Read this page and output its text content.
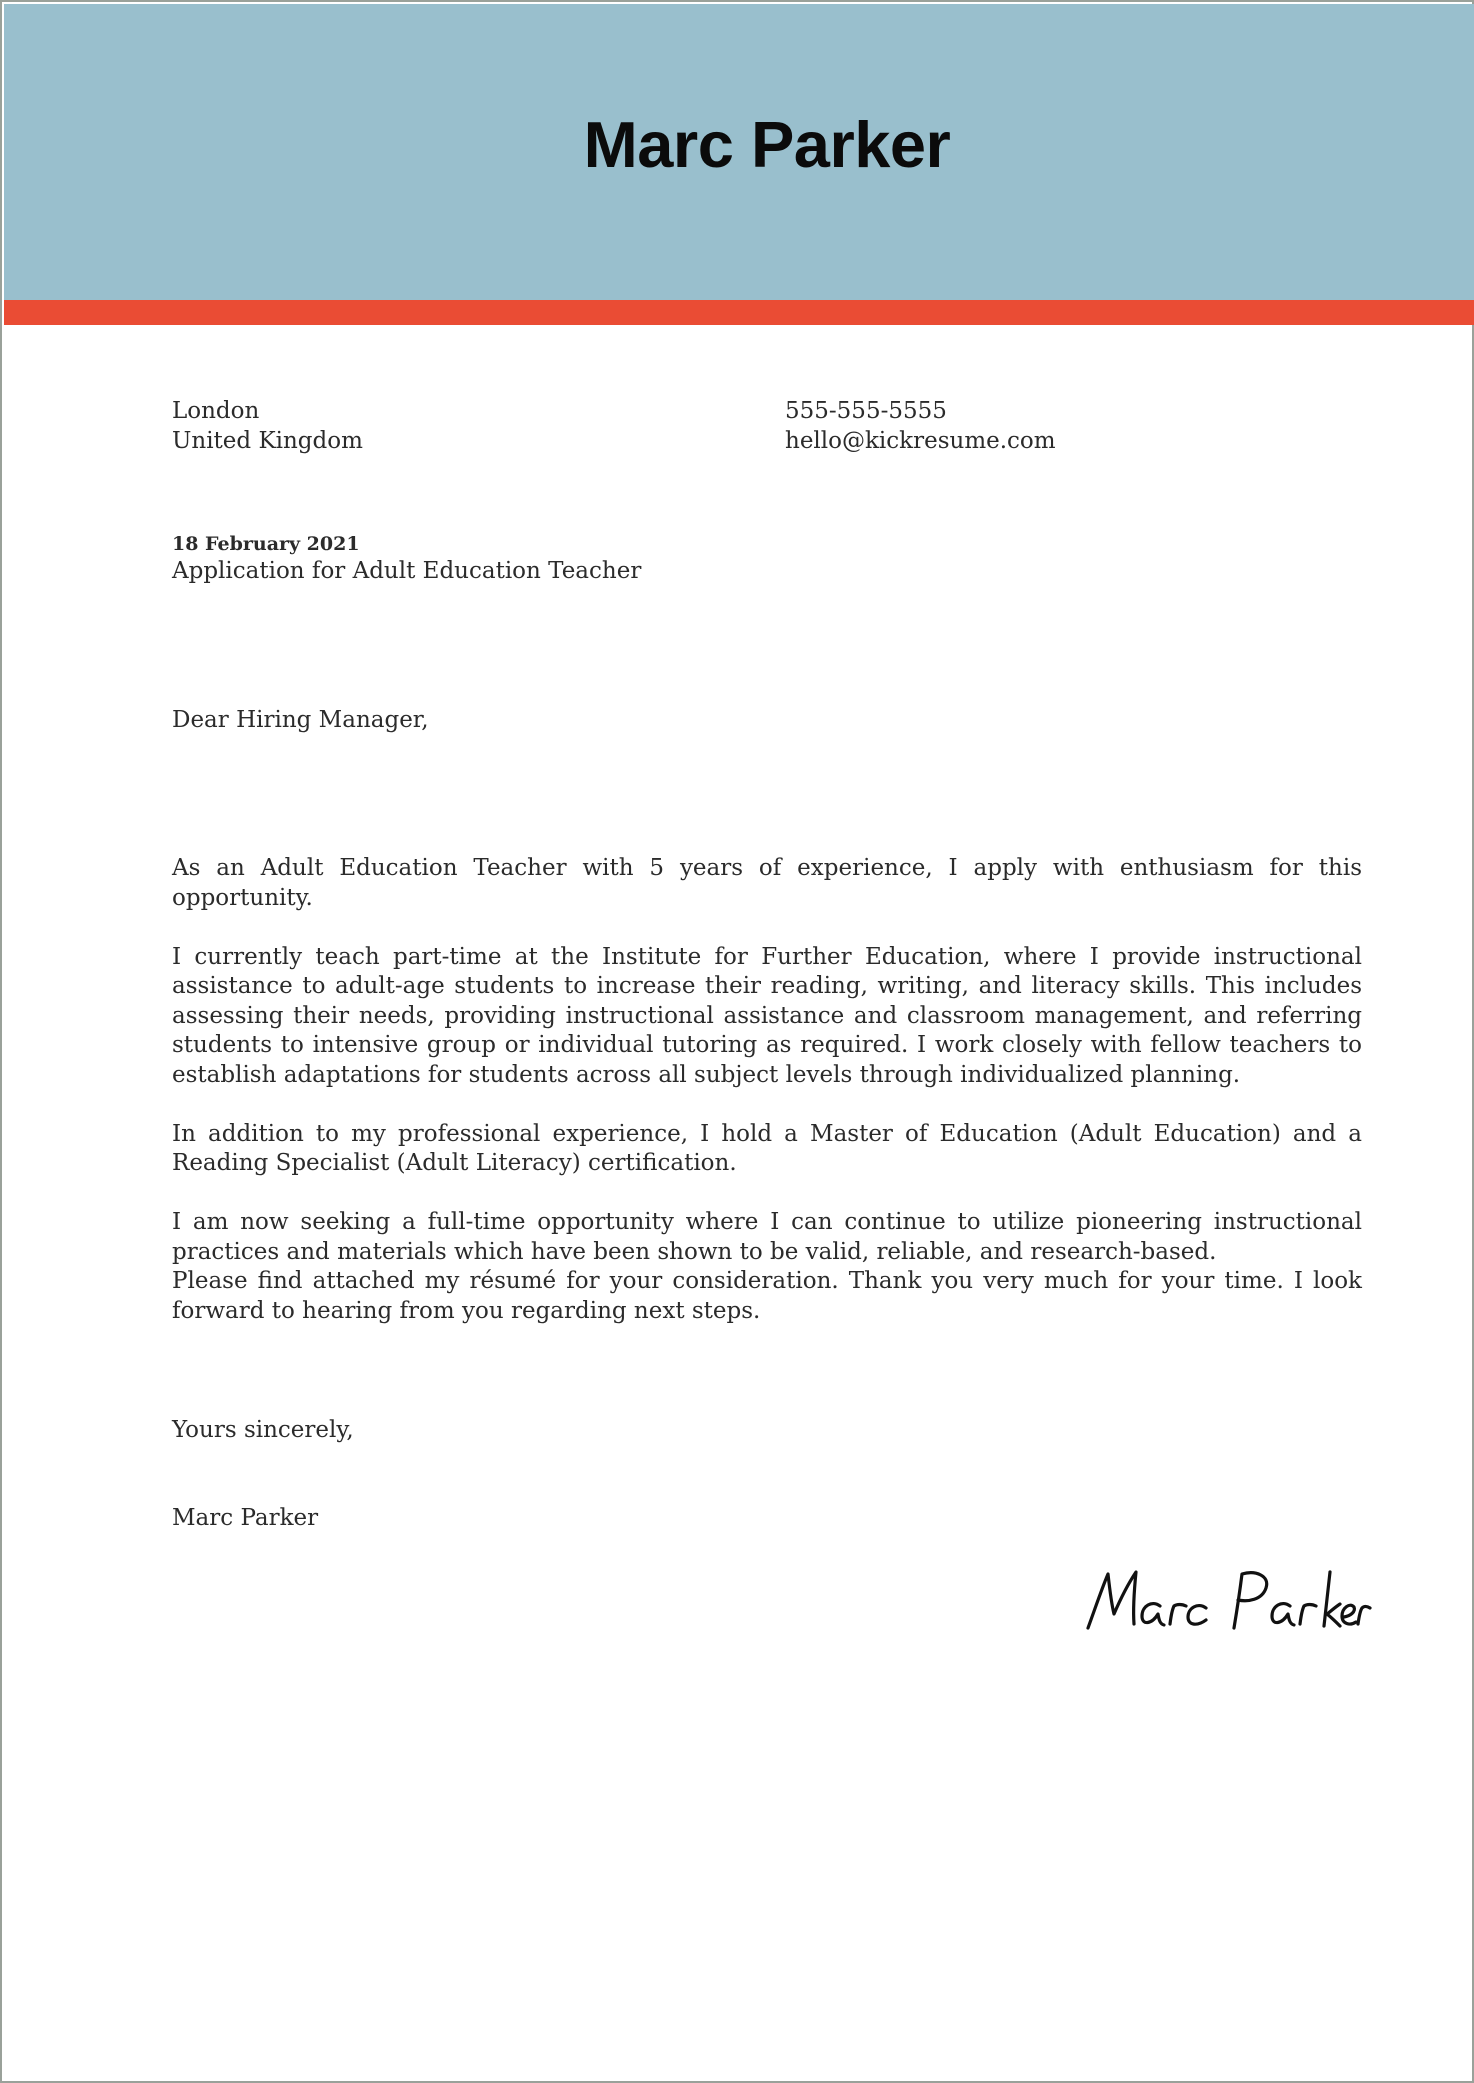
Marc Parker
London
United Kingdom
555-555-5555
hello@kickresume.com
18 February 2021
Application for Adult Education Teacher
Dear Hiring Manager,

As an Adult Education Teacher with 5 years of experience, I apply with enthusiasm for this opportunity.

I currently teach part-time at the Institute for Further Education, where I provide instructional assistance to adult-age students to increase their reading, writing, and literacy skills. This includes assessing their needs, providing instructional assistance and classroom management, and referring students to intensive group or individual tutoring as required. I work closely with fellow teachers to establish adaptations for students across all subject levels through individualized planning.

In addition to my professional experience, I hold a Master of Education (Adult Education) and a Reading Specialist (Adult Literacy) certification.

I am now seeking a full-time opportunity where I can continue to utilize pioneering instructional practices and materials which have been shown to be valid, reliable, and research-based.

Please find attached my résumé for your consideration. Thank you very much for your time. I look forward to hearing from you regarding next steps.

Yours sincerely,
Marc Parker
